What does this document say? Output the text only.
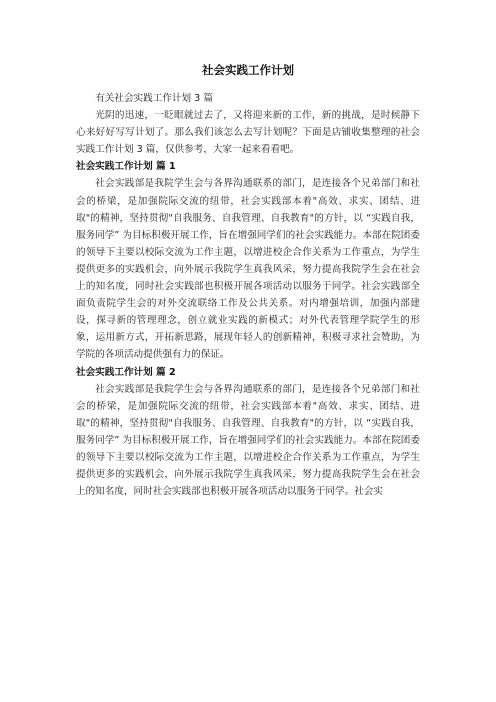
社会实践工作计划

有关社会实践工作计划 3 篇

光阴的迅速，一眨眼就过去了，又将迎来新的工作，新的挑战，是时候静下心来好好写写计划了。那么我们该怎么去写计划呢？下面是店铺收集整理的社会实践工作计划 3 篇，仅供参考，大家一起来看看吧。

社会实践工作计划 篇 1

社会实践部是我院学生会与各界沟通联系的部门，是连接各个兄弟部门和社会的桥梁，是加强院际交流的纽带，社会实践部本着"高效、求实、团结、进取"的精神，坚持贯彻"自我服务、自我管理、自我教育"的方针，以 “实践自我，服务同学” 为目标积极开展工作，旨在增强同学们的社会实践能力。本部在院团委的领导下主要以校际交流为工作主题，以增进校企合作关系为工作重点，为学生提供更多的实践机会，向外展示我院学生真我风采，努力提高我院学生会在社会上的知名度，同时社会实践部也积极开展各项活动以服务于同学。社会实践部全面负责院学生会的对外交流联络工作及公共关系。对内增强培训，加强内部建设，探寻新的管理理念，创立就业实践的新模式；对外代表管理学院学生的形象，运用新方式，开拓新思路，展现年轻人的创新精神，积极寻求社会赞助，为学院的各项活动提供强有力的保证。

社会实践工作计划 篇 2

社会实践部是我院学生会与各界沟通联系的部门，是连接各个兄弟部门和社会的桥梁，是加强院际交流的纽带，社会实践部本着"高效、求实、团结、进取"的精神，坚持贯彻"自我服务、自我管理、自我教育"的方针，以 “实践自我，服务同学” 为目标积极开展工作，旨在增强同学们的社会实践能力。本部在院团委的领导下主要以校际交流为工作主题，以增进校企合作关系为工作重点，为学生提供更多的实践机会，向外展示我院学生真我风采，努力提高我院学生会在社会上的知名度，同时社会实践部也积极开展各项活动以服务于同学。社会实
